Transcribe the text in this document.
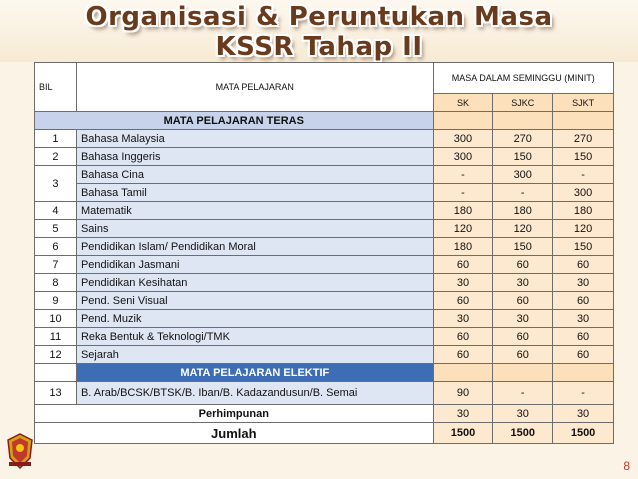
Organisasi & Peruntukan Masa
KSSR Tahap II
BIL	MATA PELAJARAN	MASA DALAM SEMINGGU (MINIT)		
		SK	SJKC	SJKT
MATA PELAJARAN TERAS				
1	Bahasa Malaysia	300	270	270
2	Bahasa Inggeris	300	150	150
3	Bahasa Cina	-	300	-
	Bahasa Tamil	-	-	300
4	Matematik	180	180	180
5	Sains	120	120	120
6	Pendidikan Islam/ Pendidikan Moral	180	150	150
7	Pendidikan Jasmani	60	60	60
8	Pendidikan Kesihatan	30	30	30
9	Pend. Seni Visual	60	60	60
10	Pend. Muzik	30	30	30
11	Reka Bentuk & Teknologi/TMK	60	60	60
12	Sejarah	60	60	60
	MATA PELAJARAN ELEKTIF			
13	B. Arab/BCSK/BTSK/B. Iban/B. Kadazandusun/B. Semai	90	-	-
Perhimpunan		30	30	30
Jumlah		1500	1500	1500
8
